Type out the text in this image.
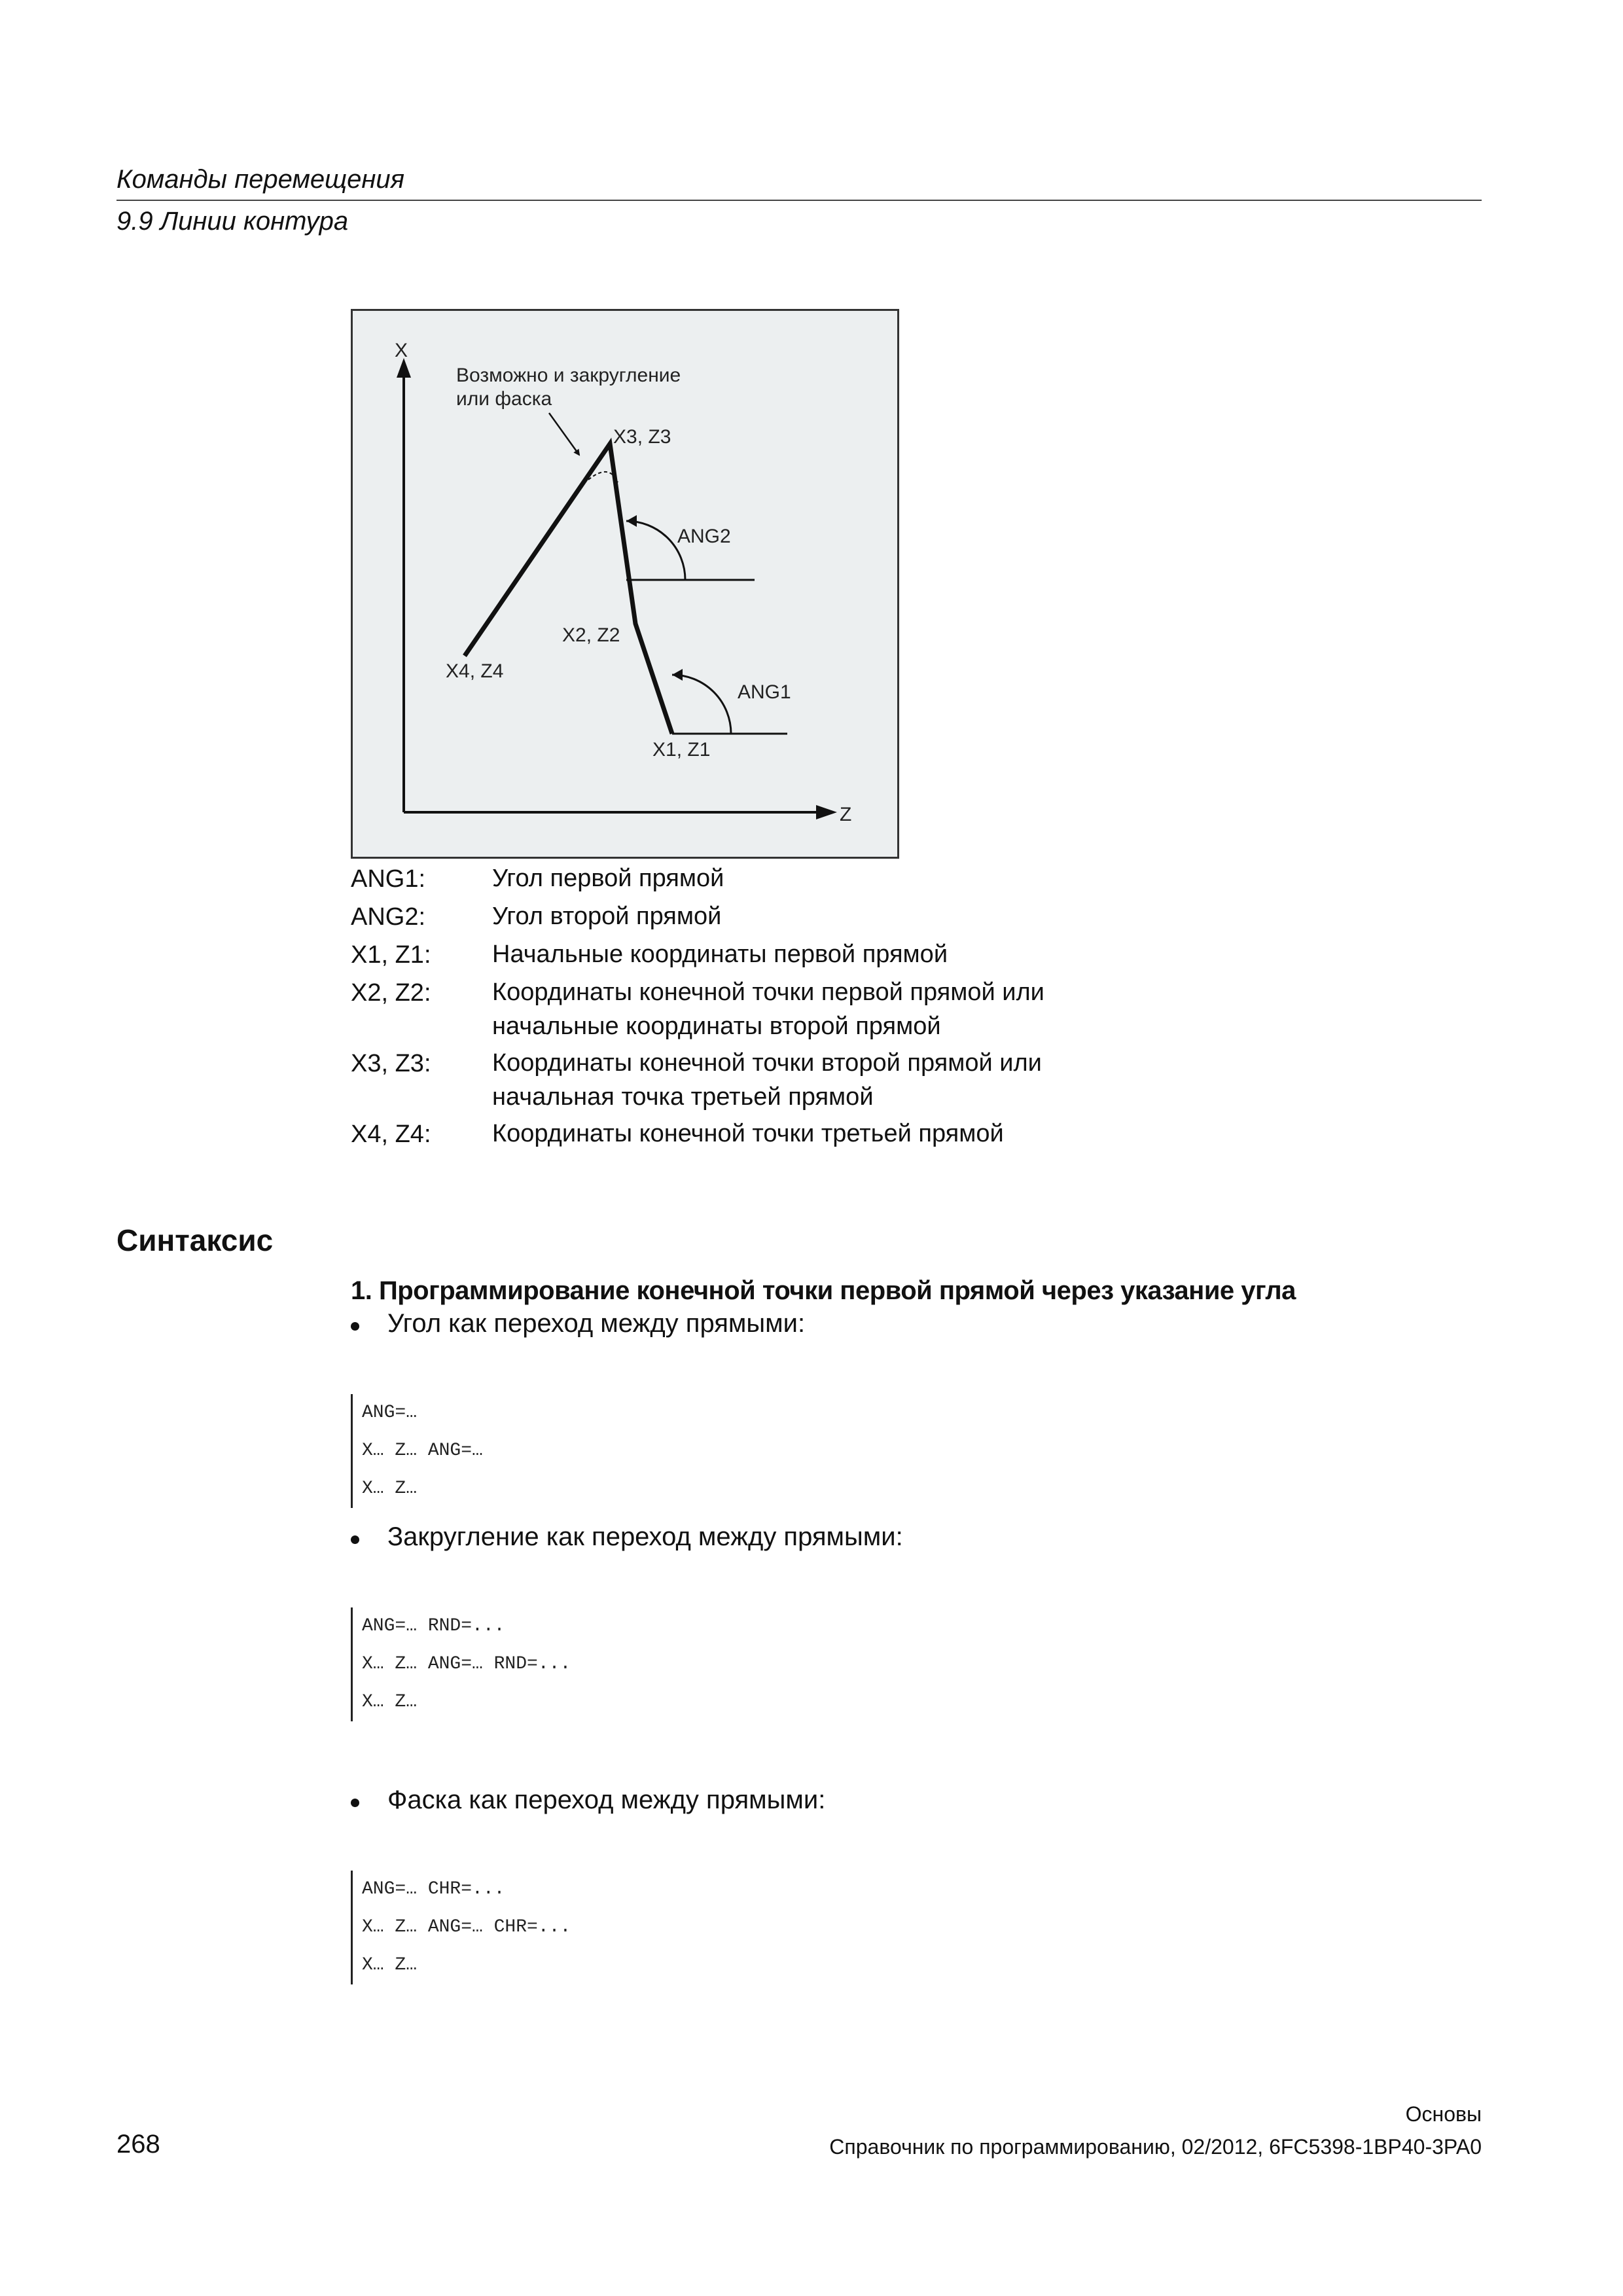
Команды перемещения
9.9 Линии контура
X
Z
Возможно и закругление
или фаска
X3, Z3
X2, Z2
X4, Z4
X1, Z1
ANG2
ANG1
ANG1:	Угол первой прямой
ANG2:	Угол второй прямой
X1, Z1: Начальные координаты первой прямой
X2, Z2: Координаты конечной точки первой прямой или начальные координаты второй прямой
X3, Z3: Координаты конечной точки второй прямой или начальная точка третьей прямой
X4, Z4: Координаты конечной точки третьей прямой
Синтаксис
1. Программирование конечной точки первой прямой через указание угла
Угол как переход между прямыми:
ANG=…
X… Z… ANG=…
X… Z…
Закругление как переход между прямыми:
ANG=… RND=...
X… Z… ANG=… RND=...
X… Z…
Фаска как переход между прямыми:
ANG=… CHR=...
X… Z… ANG=… CHR=...
X… Z…
268
Основы
Справочник по программированию, 02/2012, 6FC5398-1BP40-3PA0
